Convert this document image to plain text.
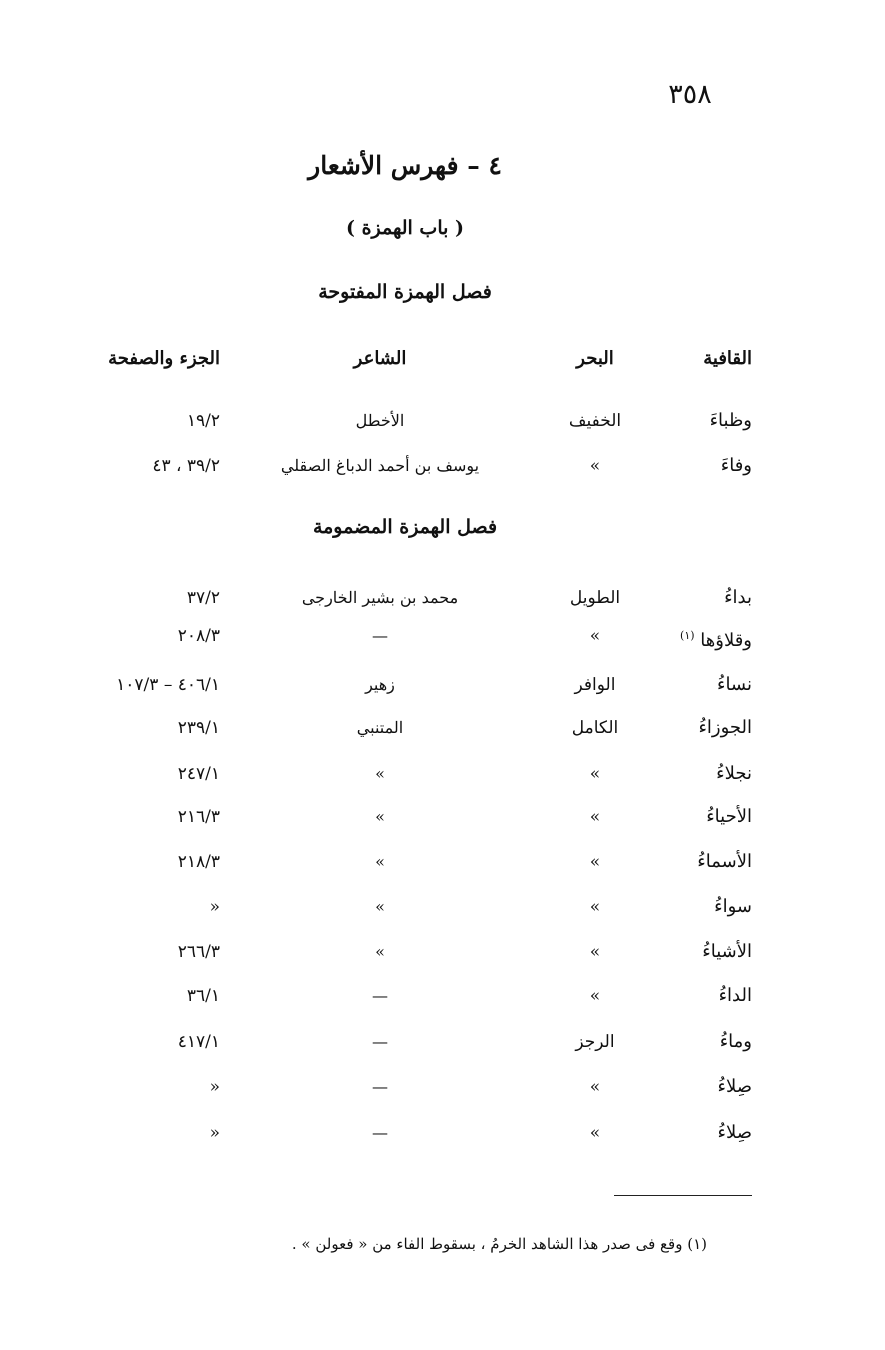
٣٥٨
٤ – فهرس الأشعار
( باب الهمزة )
فصل الهمزة المفتوحة
القافية
البحر
الشاعر
الجزء والصفحة
وظباءَ
الخفيف
الأخطل
١٩/٢
وفاءَ
»
يوسف بن أحمد الدباغ الصقلي
٣٩/٢ ، ٤٣
فصل الهمزة المضمومة
بداءُ
الطويل
محمد بن بشير الخارجى
٣٧/٢
وقلاؤها $^{(١)}$
»
—
٢٠٨/٣
نساءُ
الوافر
زهير
٤٠٦/١ – ١٠٧/٣
الجوزاءُ
الكامل
المتنبي
٢٣٩/١
نجلاءُ
»
»
٢٤٧/١
الأحياءُ
»
»
٢١٦/٣
الأسماءُ
»
»
٢١٨/٣
سواءُ
»
»
»
الأشياءُ
»
»
٢٦٦/٣
الداءُ
»
—
٣٦/١
وماءُ
الرجز
—
٤١٧/١
صِلاءُ
»
—
»
صِلاءُ
»
—
»
(١) وقع فى صدر هذا الشاهد الخرمُ ، بسقوط الفاء من « فعولن » .
